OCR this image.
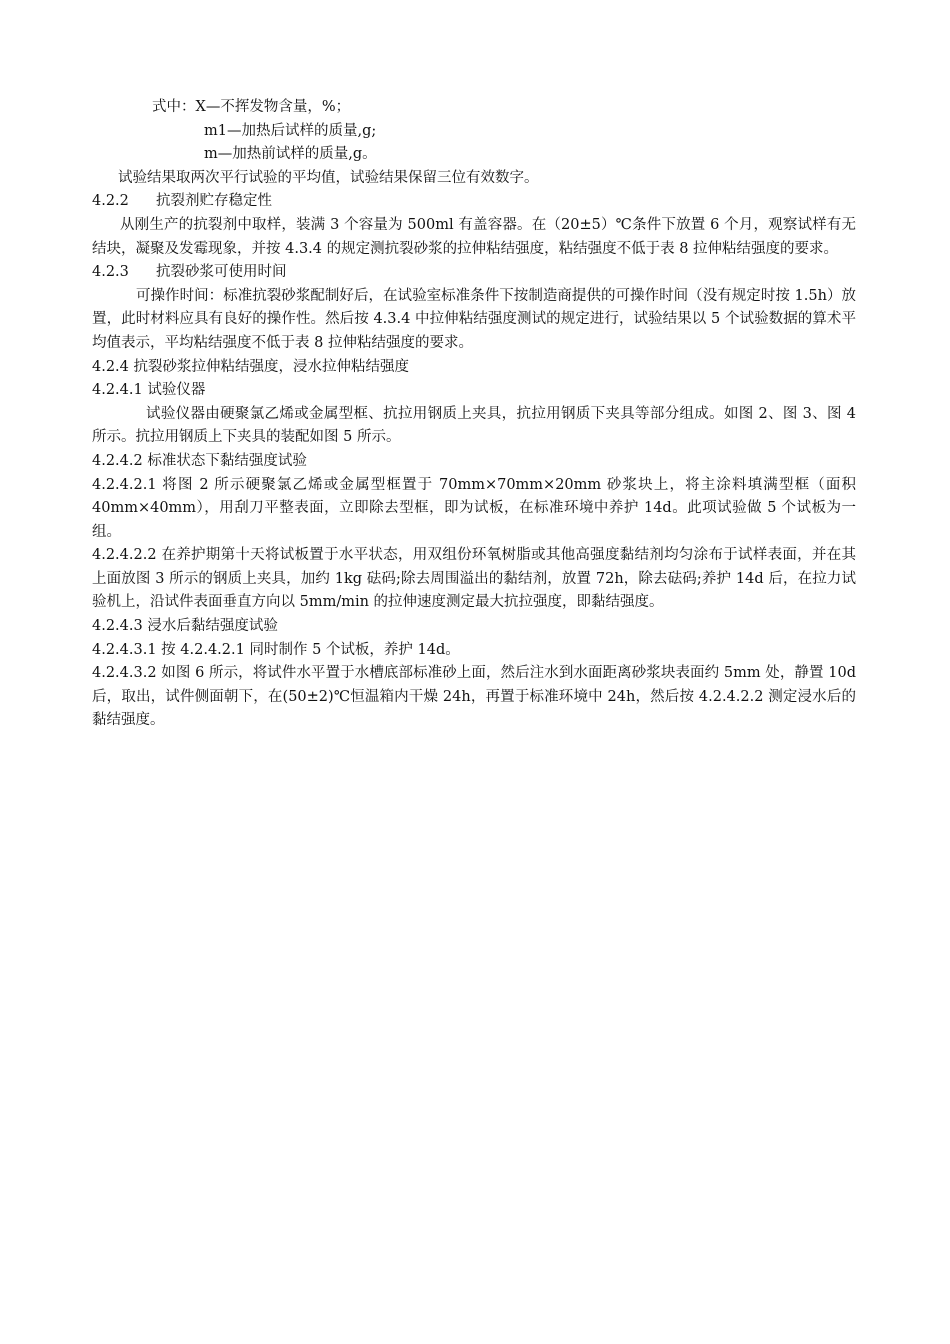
式中：X—不挥发物含量，%；

m1—加热后试样的质量,g;

m—加热前试样的质量,g。

试验结果取两次平行试验的平均值，试验结果保留三位有效数字。

4.2.2 抗裂剂贮存稳定性

从刚生产的抗裂剂中取样，装满 3 个容量为 500ml 有盖容器。在（20±5）℃条件下放置 6 个月，观察试样有无结块，凝聚及发霉现象，并按 4.3.4 的规定测抗裂砂浆的拉伸粘结强度，粘结强度不低于表 8 拉伸粘结强度的要求。

4.2.3 抗裂砂浆可使用时间

可操作时间：标准抗裂砂浆配制好后，在试验室标准条件下按制造商提供的可操作时间（没有规定时按 1.5h）放置，此时材料应具有良好的操作性。然后按 4.3.4 中拉伸粘结强度测试的规定进行，试验结果以 5 个试验数据的算术平均值表示，平均粘结强度不低于表 8 拉伸粘结强度的要求。

4.2.4 抗裂砂浆拉伸粘结强度，浸水拉伸粘结强度

4.2.4.1 试验仪器

试验仪器由硬聚氯乙烯或金属型框、抗拉用钢质上夹具，抗拉用钢质下夹具等部分组成。如图 2、图 3、图 4 所示。抗拉用钢质上下夹具的装配如图 5 所示。

4.2.4.2 标准状态下黏结强度试验

4.2.4.2.1 将图 2 所示硬聚氯乙烯或金属型框置于 70mm×70mm×20mm 砂浆块上，将主涂料填满型框（面积 40mm×40mm），用刮刀平整表面，立即除去型框，即为试板，在标准环境中养护 14d。此项试验做 5 个试板为一组。

4.2.4.2.2 在养护期第十天将试板置于水平状态，用双组份环氧树脂或其他高强度黏结剂均匀涂布于试样表面，并在其上面放图 3 所示的钢质上夹具，加约 1kg 砝码;除去周围溢出的黏结剂，放置 72h，除去砝码;养护 14d 后，在拉力试验机上，沿试件表面垂直方向以 5mm/min 的拉伸速度测定最大抗拉强度，即黏结强度。

4.2.4.3 浸水后黏结强度试验

4.2.4.3.1 按 4.2.4.2.1 同时制作 5 个试板，养护 14d。

4.2.4.3.2 如图 6 所示，将试件水平置于水槽底部标准砂上面，然后注水到水面距离砂浆块表面约 5mm 处，静置 10d 后，取出，试件侧面朝下，在(50±2)℃恒温箱内干燥 24h，再置于标准环境中 24h，然后按 4.2.4.2.2 测定浸水后的黏结强度。
